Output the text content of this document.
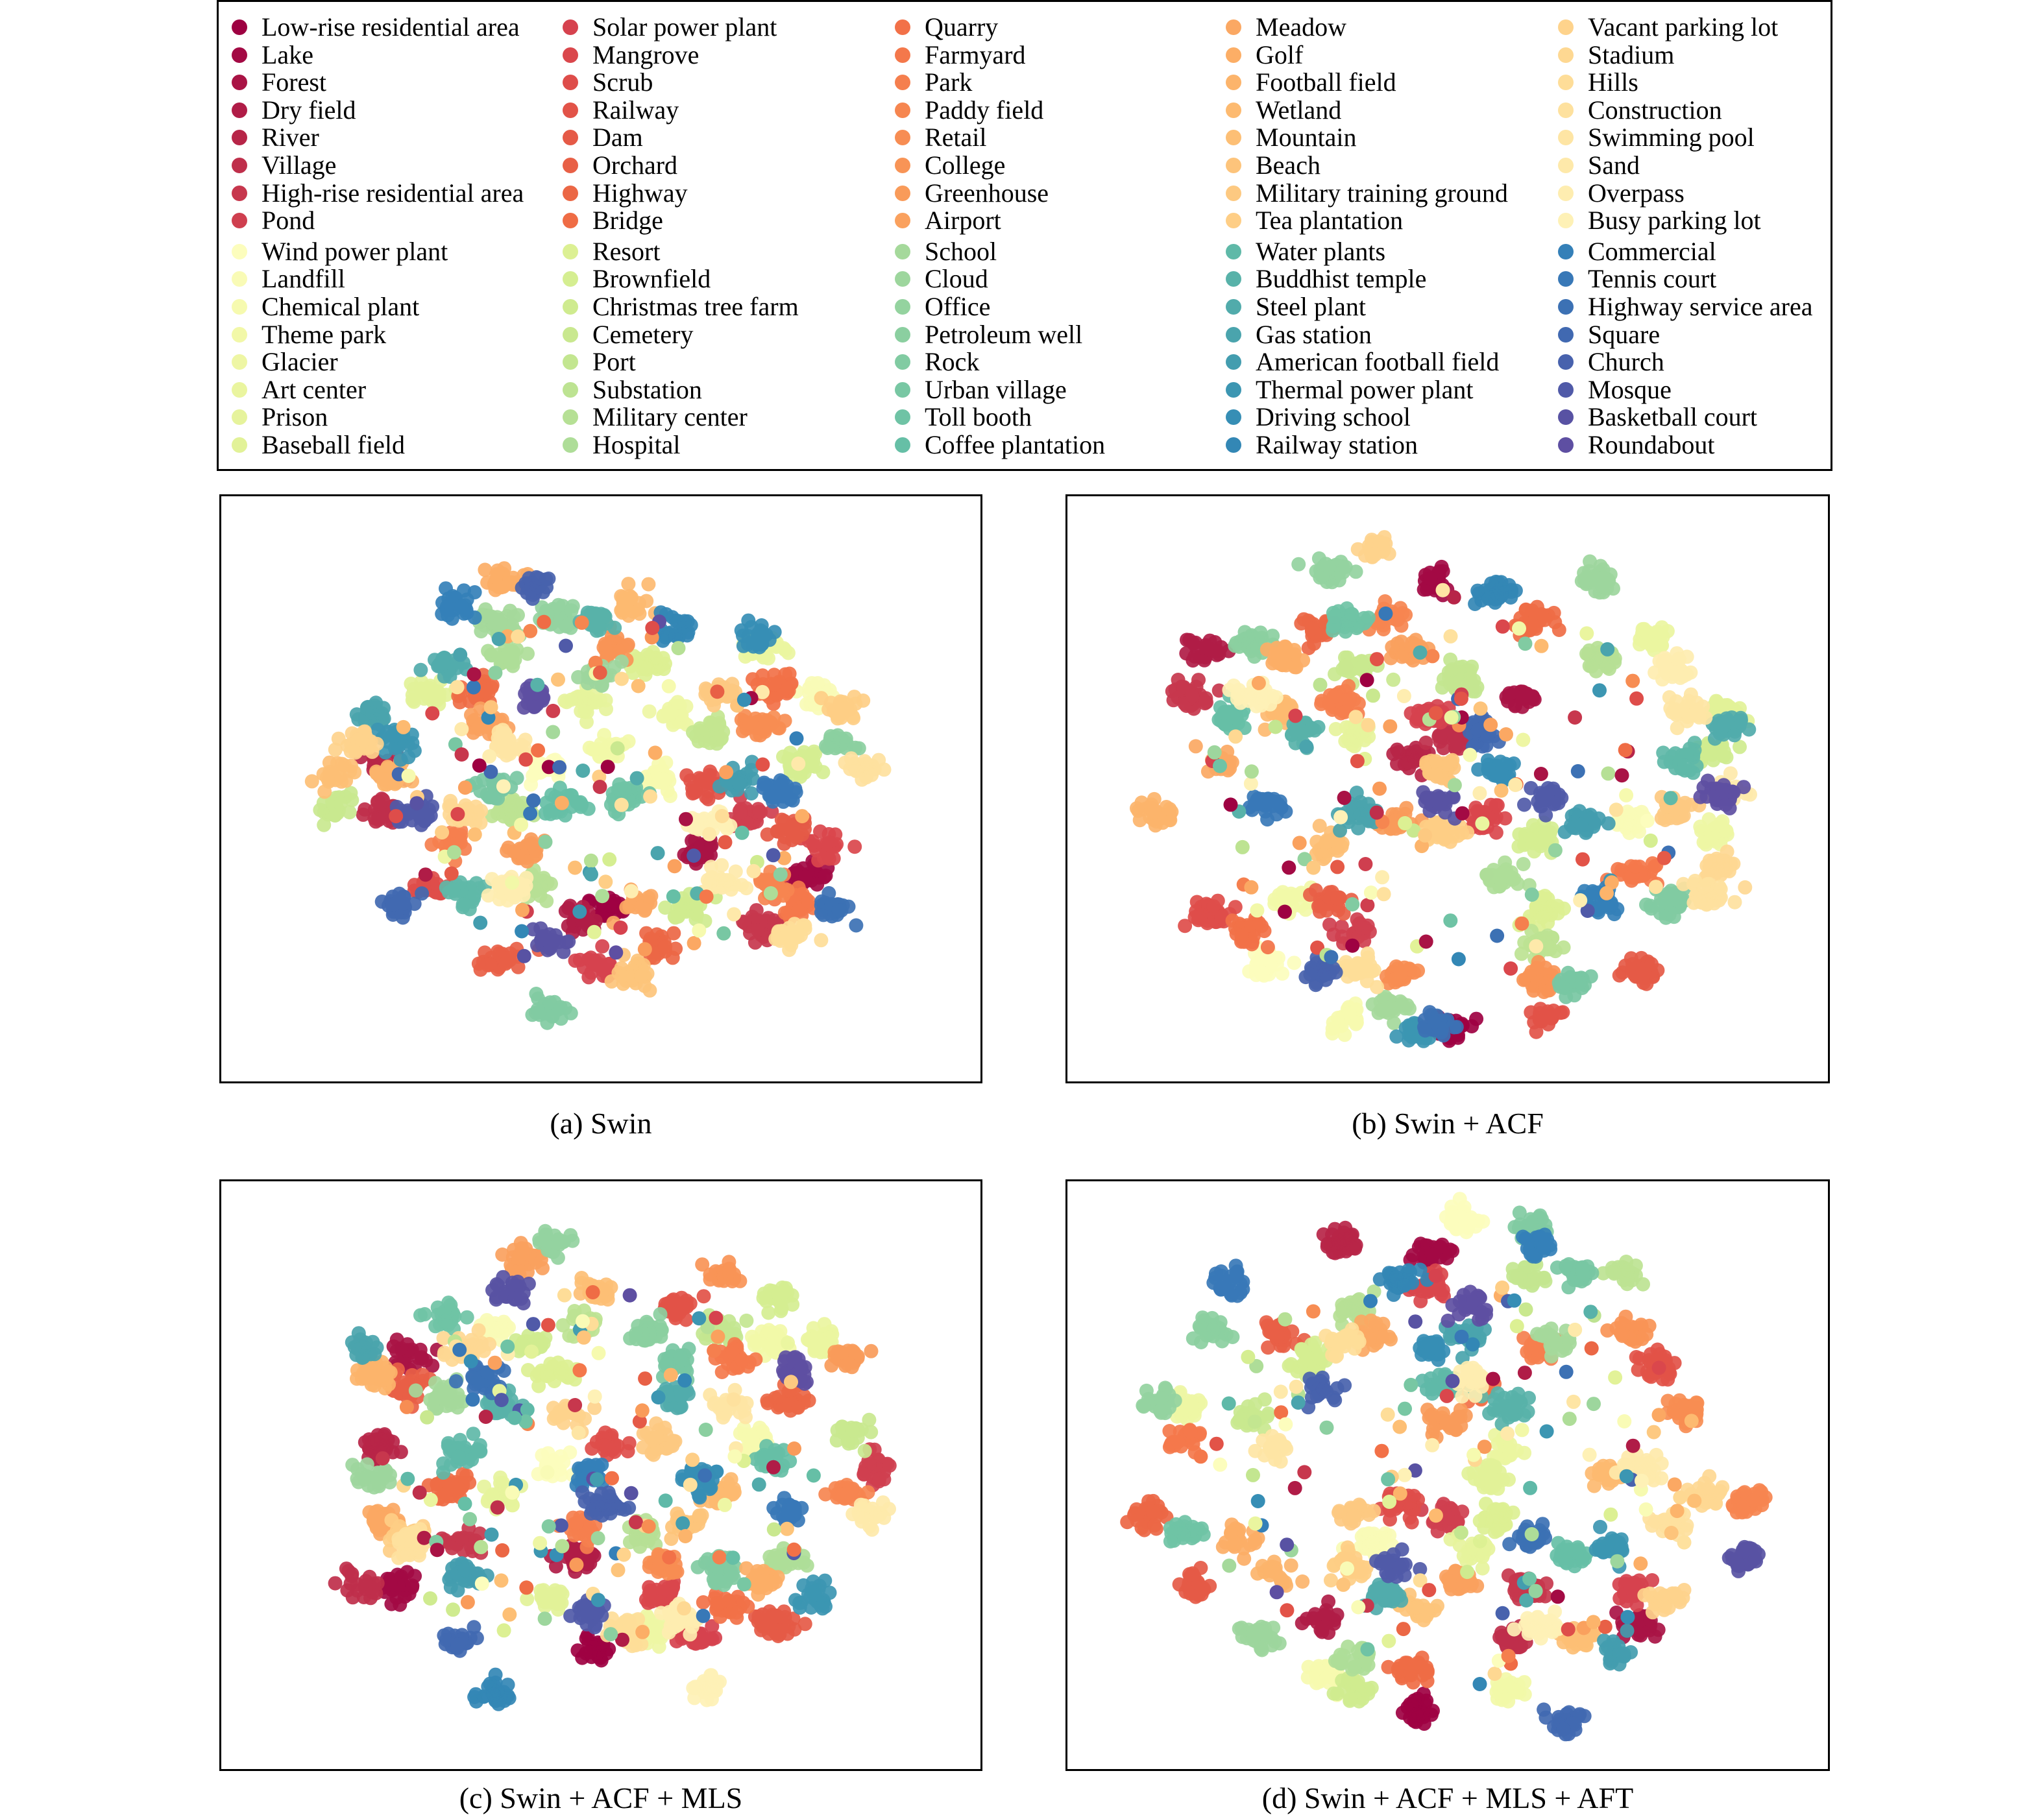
Low-rise residential area
Lake
Forest
Dry field
River
Village
High-rise residential area
Pond
Wind power plant
Landfill
Chemical plant
Theme park
Glacier
Art center
Prison
Baseball field
Solar power plant
Mangrove
Scrub
Railway
Dam
Orchard
Highway
Bridge
Resort
Brownfield
Christmas tree farm
Cemetery
Port
Substation
Military center
Hospital
Quarry
Farmyard
Park
Paddy field
Retail
College
Greenhouse
Airport
School
Cloud
Office
Petroleum well
Rock
Urban village
Toll booth
Coffee plantation
Meadow
Golf
Football field
Wetland
Mountain
Beach
Military training ground
Tea plantation
Water plants
Buddhist temple
Steel plant
Gas station
American football field
Thermal power plant
Driving school
Railway station
Vacant parking lot
Stadium
Hills
Construction
Swimming pool
Sand
Overpass
Busy parking lot
Commercial
Tennis court
Highway service area
Square
Church
Mosque
Basketball court
Roundabout
(a) Swin	(b) Swin + ACF
(c) Swin + ACF + MLS	(d) Swin + ACF + MLS + AFT
